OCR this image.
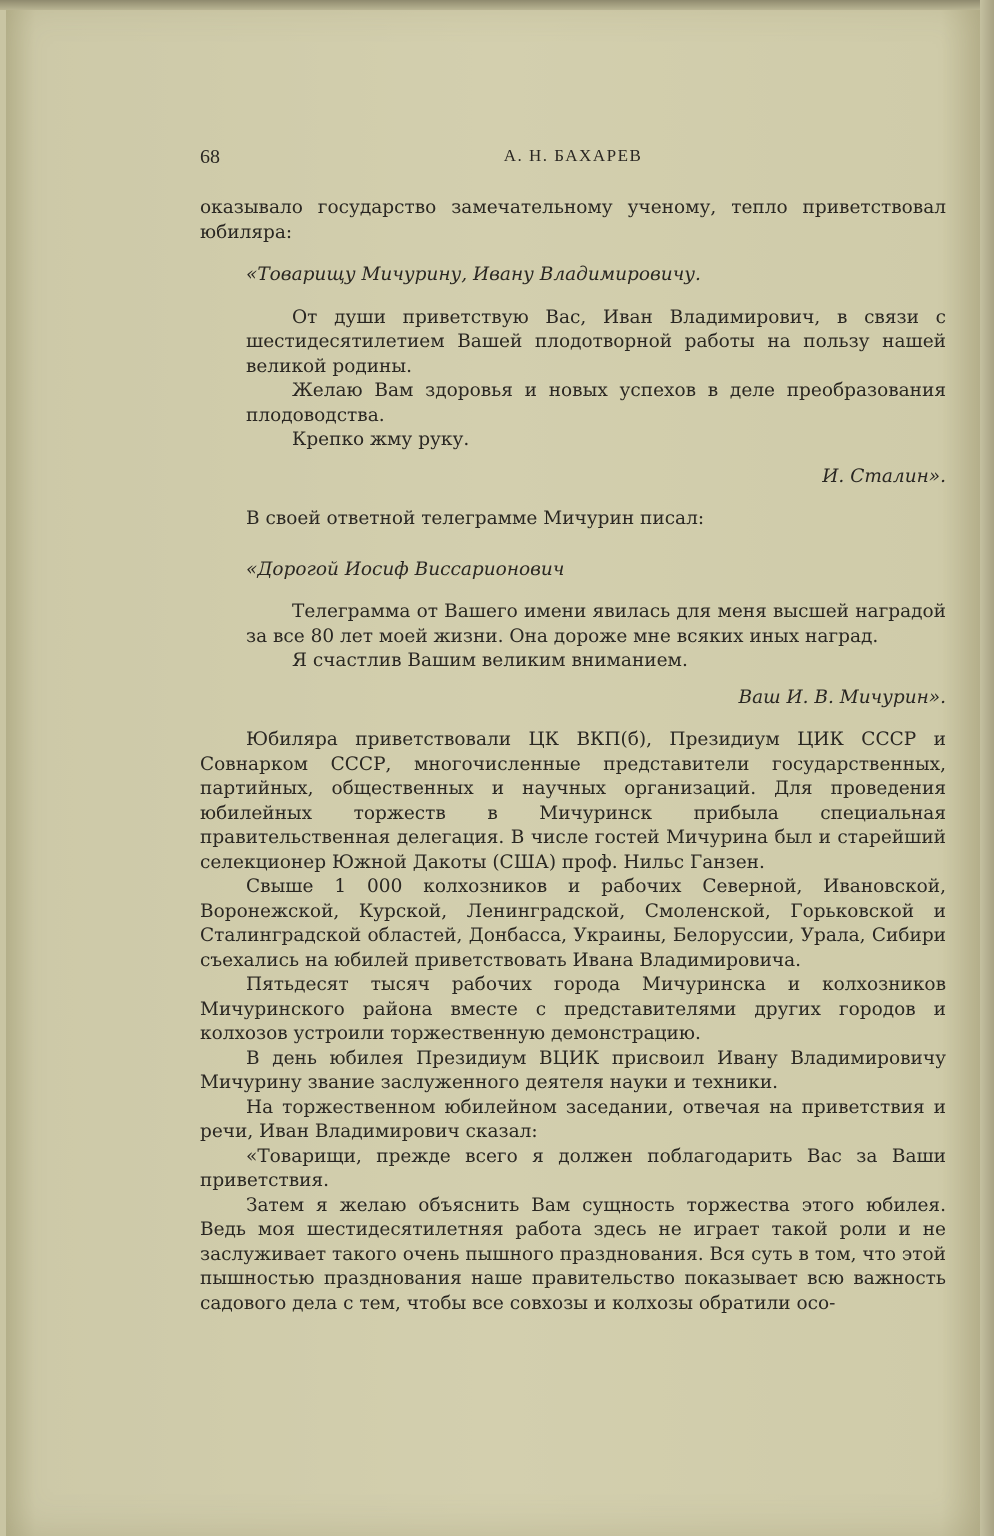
68	А. Н. БАХАРЕВ

оказывало государство замечательному ученому, тепло приветствовал юбиляра:

«Товарищу Мичурину, Ивану Владимировичу.

От души приветствую Вас, Иван Владимирович, в связи с шестидесятилетием Вашей плодотворной работы на пользу нашей великой родины.

Желаю Вам здоровья и новых успехов в деле преобразования плодоводства.

Крепко жму руку.

И. Сталин».

В своей ответной телеграмме Мичурин писал:

«Дорогой Иосиф Виссарионович

Телеграмма от Вашего имени явилась для меня высшей наградой за все 80 лет моей жизни. Она дороже мне всяких иных наград.

Я счастлив Вашим великим вниманием.

Ваш И. В. Мичурин».

Юбиляра приветствовали ЦК ВКП(б), Президиум ЦИК СССР и Совнарком СССР, многочисленные представители государственных, партийных, общественных и научных организаций. Для проведения юбилейных торжеств в Мичуринск прибыла специальная правительственная делегация. В числе гостей Мичурина был и старейший селекционер Южной Дакоты (США) проф. Нильс Ганзен.

Свыше 1 000 колхозников и рабочих Северной, Ивановской, Воронежской, Курской, Ленинградской, Смоленской, Горьковской и Сталинградской областей, Донбасса, Украины, Белоруссии, Урала, Сибири съехались на юбилей приветствовать Ивана Владимировича.

Пятьдесят тысяч рабочих города Мичуринска и колхозников Мичуринского района вместе с представителями других городов и колхозов устроили торжественную демонстрацию.

В день юбилея Президиум ВЦИК присвоил Ивану Владимировичу Мичурину звание заслуженного деятеля науки и техники.

На торжественном юбилейном заседании, отвечая на приветствия и речи, Иван Владимирович сказал:

«Товарищи, прежде всего я должен поблагодарить Вас за Ваши приветствия.

Затем я желаю объяснить Вам сущность торжества этого юбилея. Ведь моя шестидесятилетняя работа здесь не играет такой роли и не заслуживает такого очень пышного празднования. Вся суть в том, что этой пышностью празднования наше правительство показывает всю важность садового дела с тем, чтобы все совхозы и колхозы обратили осо-
